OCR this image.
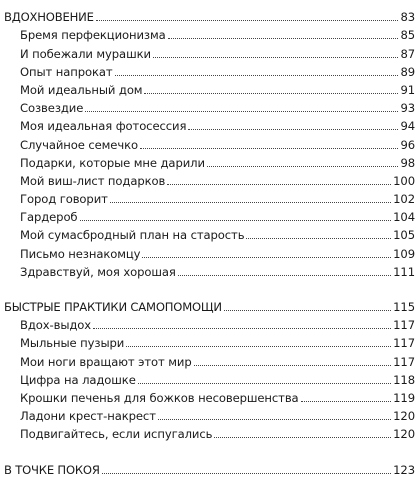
ВДОХНОВЕНИЕ	83
Бремя перфекционизма	85
И побежали мурашки	87
Опыт напрокат	89
Мой идеальный дом	91
Созвездие	93
Моя идеальная фотосессия	94
Случайное семечко	96
Подарки, которые мне дарили	98
Мой виш-лист подарков	100
Город говорит	102
Гардероб	104
Мой сумасбродный план на старость	105
Письмо незнакомцу	109
Здравствуй, моя хорошая	111
БЫСТРЫЕ ПРАКТИКИ САМОПОМОЩИ	115
Вдох-выдох	117
Мыльные пузыри	117
Мои ноги вращают этот мир	117
Цифра на ладошке	118
Крошки печенья для божков несовершенства	119
Ладони крест-накрест	120
Подвигайтесь, если испугались	120
В ТОЧКЕ ПОКОЯ	123
